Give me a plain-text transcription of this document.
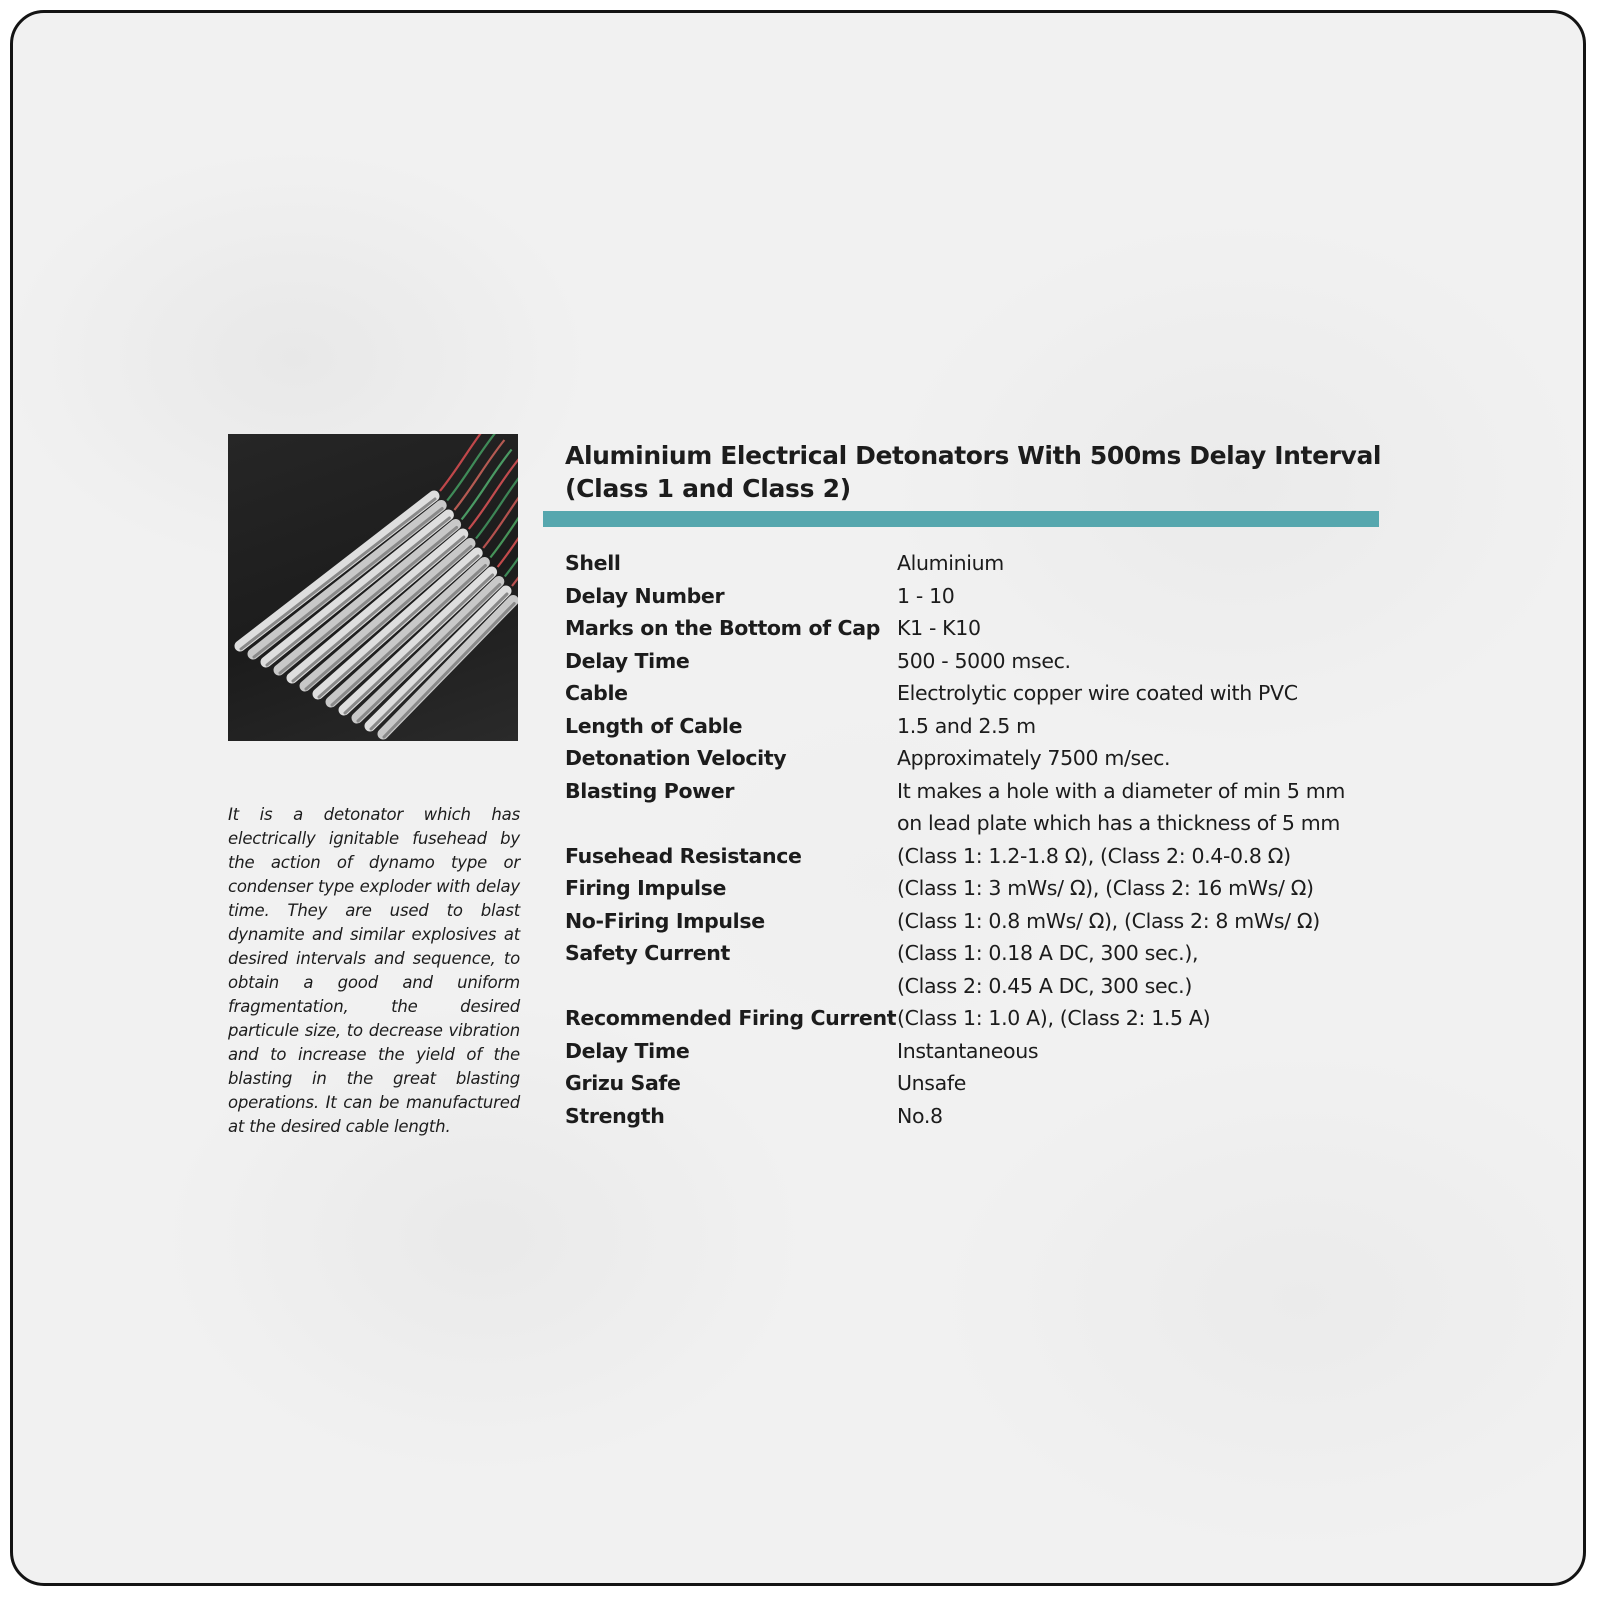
It is a detonator which has electrically ignitable fusehead by the action of dynamo type or condenser type exploder with delay time. They are used to blast dynamite and similar explosives at desired intervals and sequence, to obtain a good and uniform fragmentation, the desired particule size, to decrease vibration and to increase the yield of the blasting in the great blasting operations. It can be manufactured at the desired cable length.

Aluminium Electrical Detonators With 500ms Delay Interval
(Class 1 and Class 2)
Shell	Aluminium
Delay Number	1 - 10
Marks on the Bottom of Cap K1 - K10
Delay Time	500 - 5000 msec.
Cable	Electrolytic copper wire coated with PVC
Length of Cable	1.5 and 2.5 m
Detonation Velocity	Approximately 7500 m/sec.
Blasting Power	It makes a hole with a diameter of min 5 mm
on lead plate which has a thickness of 5 mm
Fusehead Resistance	(Class 1: 1.2-1.8 Ω), (Class 2: 0.4-0.8 Ω)
Firing Impulse	(Class 1: 3 mWs/ Ω), (Class 2: 16 mWs/ Ω)
No-Firing Impulse	(Class 1: 0.8 mWs/ Ω), (Class 2: 8 mWs/ Ω)
Safety Current	(Class 1: 0.18 A DC, 300 sec.),
(Class 2: 0.45 A DC, 300 sec.)
Recommended Firing Current (Class 1: 1.0 A), (Class 2: 1.5 A)
Delay Time	Instantaneous
Grizu Safe	Unsafe
Strength	No.8
